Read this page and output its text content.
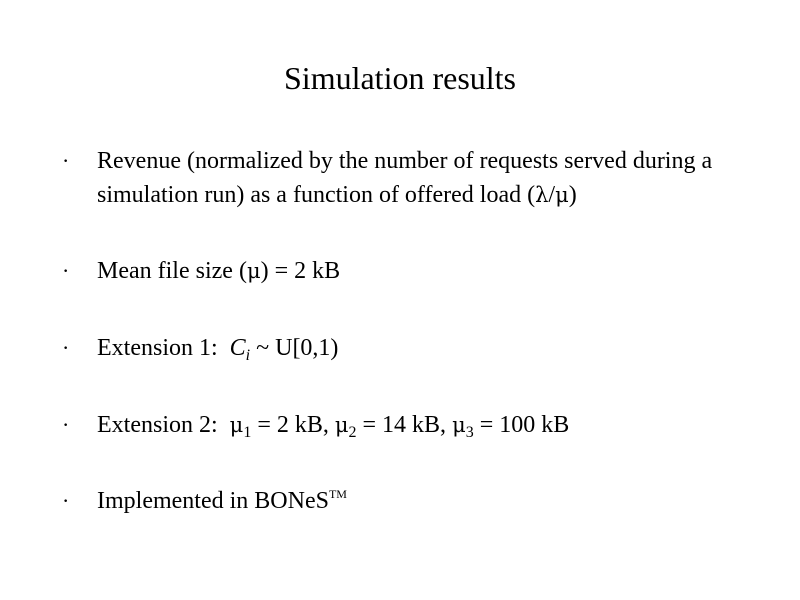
Simulation results
· Revenue (normalized by the number of requests served during a simulation run) as a function of offered load (λ/μ)
· Mean file size (μ) = 2 kB
· Extension 1:  $C_i$ ~ U[0,1)
· Extension 2:  $\mu_1 = 2$ kB, $\mu_2 = 14$ kB, $\mu_3 = 100$ kB
· Implemented in BONeS™
